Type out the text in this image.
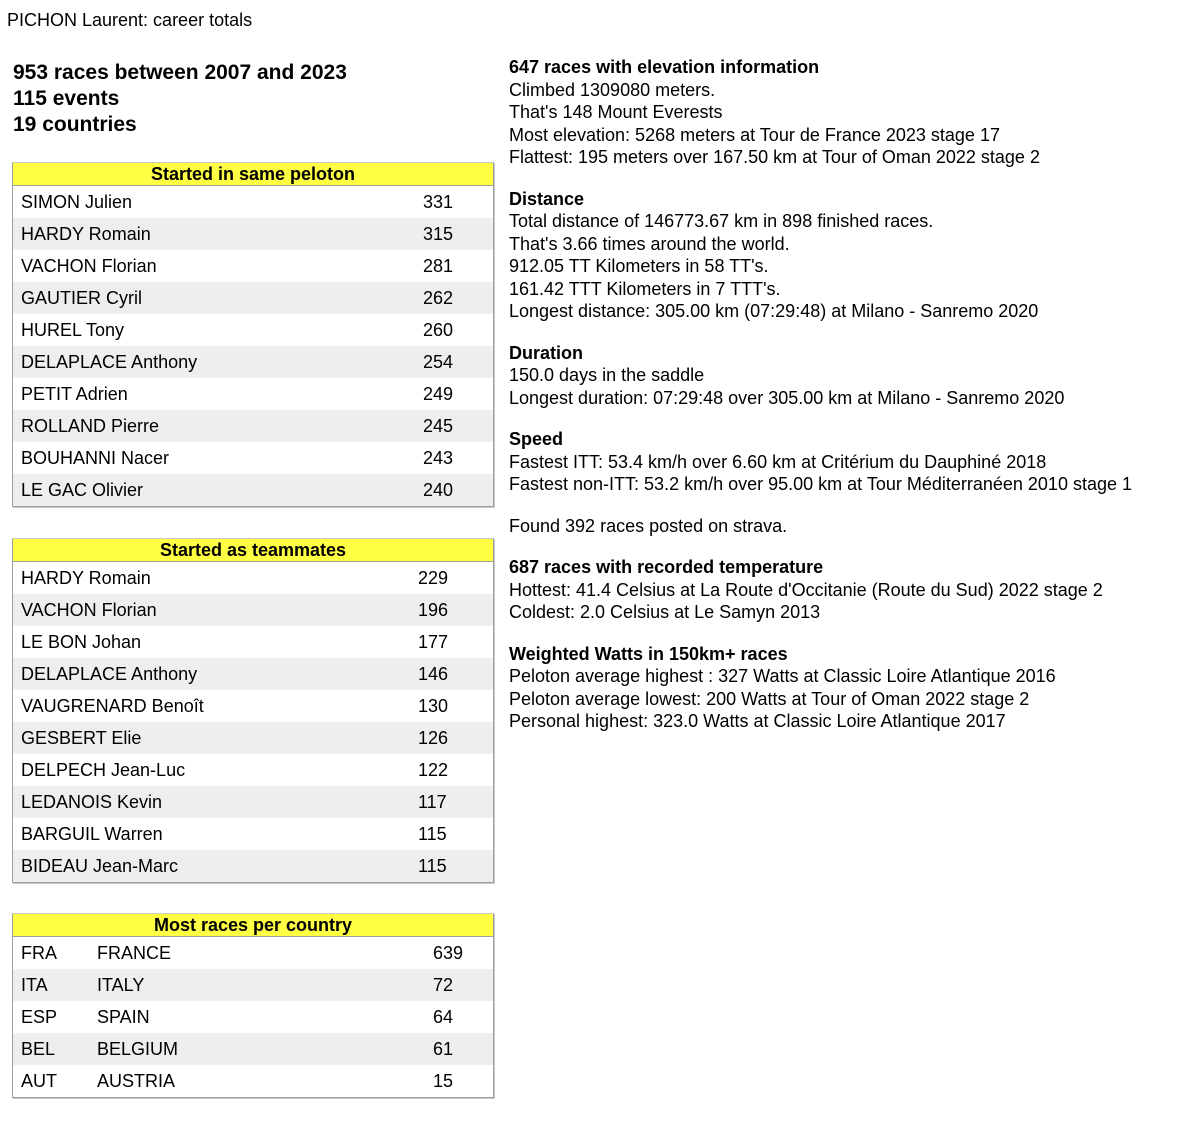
PICHON Laurent: career totals
953 races between 2007 and 2023
115 events
19 countries
Started in same peloton	
SIMON Julien	331
HARDY Romain	315
VACHON Florian	281
GAUTIER Cyril	262
HUREL Tony	260
DELAPLACE Anthony	254
PETIT Adrien	249
ROLLAND Pierre	245
BOUHANNI Nacer	243
LE GAC Olivier	240
Started as teammates	
HARDY Romain	229
VACHON Florian	196
LE BON Johan	177
DELAPLACE Anthony	146
VAUGRENARD Benoît	130
GESBERT Elie	126
DELPECH Jean-Luc	122
LEDANOIS Kevin	117
BARGUIL Warren	115
BIDEAU Jean-Marc	115
Most races per country		
FRA	FRANCE	639
ITA	ITALY	72
ESP	SPAIN	64
BEL	BELGIUM	61
AUT	AUSTRIA	15
647 races with elevation information
Climbed 1309080 meters.
That's 148 Mount Everests
Most elevation: 5268 meters at Tour de France 2023 stage 17
Flattest: 195 meters over 167.50 km at Tour of Oman 2022 stage 2
Distance
Total distance of 146773.67 km in 898 finished races.
That's 3.66 times around the world.
912.05 TT Kilometers in 58 TT's.
161.42 TTT Kilometers in 7 TTT's.
Longest distance: 305.00 km (07:29:48) at Milano - Sanremo 2020
Duration
150.0 days in the saddle
Longest duration: 07:29:48 over 305.00 km at Milano - Sanremo 2020
Speed
Fastest ITT: 53.4 km/h over 6.60 km at Critérium du Dauphiné 2018
Fastest non-ITT: 53.2 km/h over 95.00 km at Tour Méditerranéen 2010 stage 1
Found 392 races posted on strava.
687 races with recorded temperature
Hottest: 41.4 Celsius at La Route d'Occitanie (Route du Sud) 2022 stage 2
Coldest: 2.0 Celsius at Le Samyn 2013
Weighted Watts in 150km+ races
Peloton average highest : 327 Watts at Classic Loire Atlantique 2016
Peloton average lowest: 200 Watts at Tour of Oman 2022 stage 2
Personal highest: 323.0 Watts at Classic Loire Atlantique 2017
